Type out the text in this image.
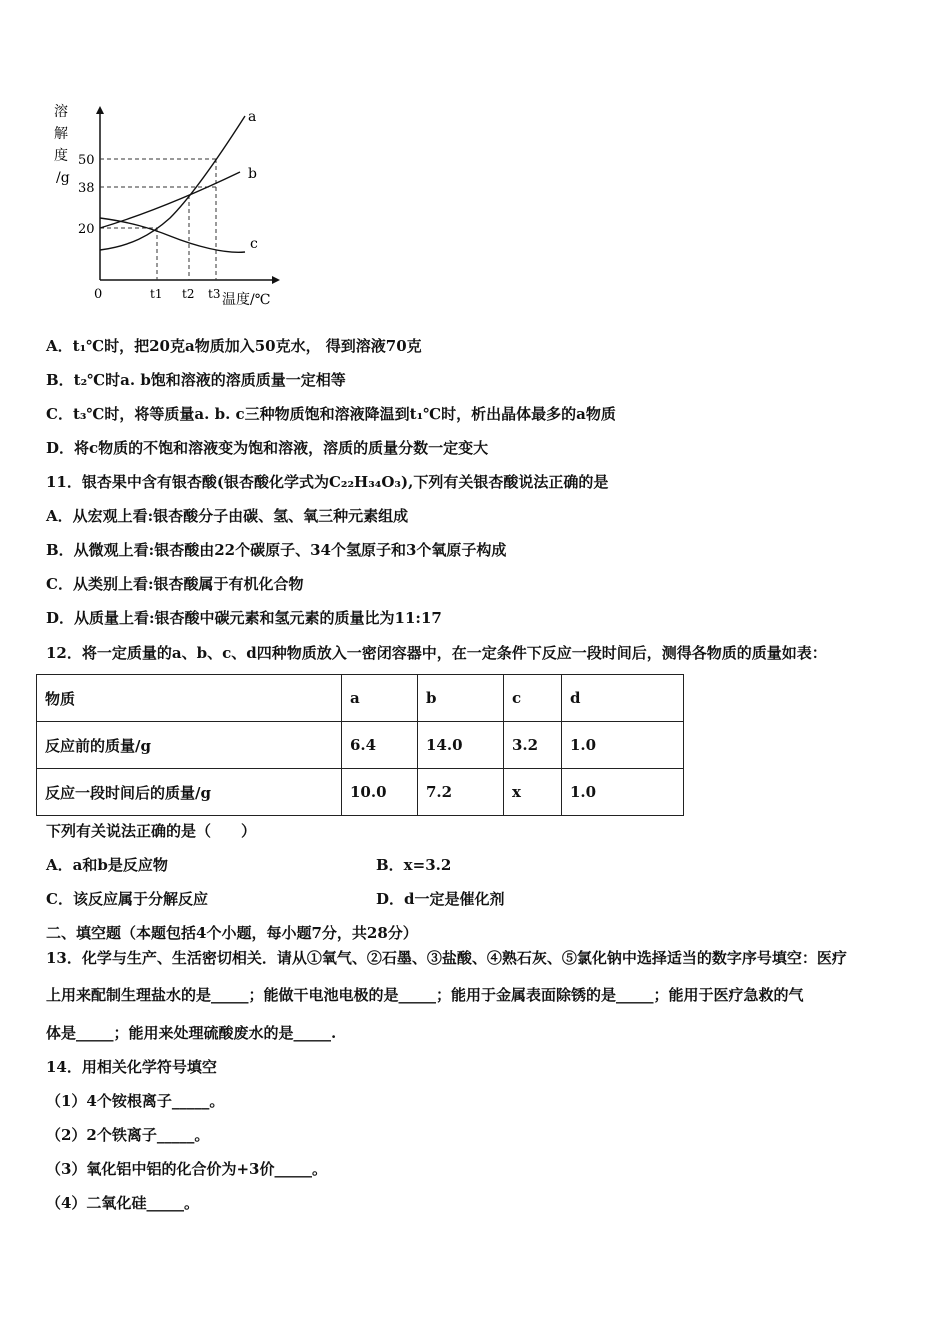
溶
解
度
/g
50
38
20
0	t1 t2 t3 温度/℃
a
b
c
A．t₁℃时，把20克a物质加入50克水， 得到溶液70克
B．t₂℃时a. b饱和溶液的溶质质量一定相等
C．t₃℃时，将等质量a. b. c三种物质饱和溶液降温到t₁℃时，析出晶体最多的a物质
D．将c物质的不饱和溶液变为饱和溶液，溶质的质量分数一定变大
11．银杏果中含有银杏酸(银杏酸化学式为C₂₂H₃₄O₃),下列有关银杏酸说法正确的是
A．从宏观上看:银杏酸分子由碳、氢、氧三种元素组成
B．从微观上看:银杏酸由22个碳原子、34个氢原子和3个氧原子构成
C．从类别上看:银杏酸属于有机化合物
D．从质量上看:银杏酸中碳元素和氢元素的质量比为11:17
12．将一定质量的a、b、c、d四种物质放入一密闭容器中，在一定条件下反应一段时间后，测得各物质的质量如表：
物质	a	b	c	d
反应前的质量/g	6.4	14.0	3.2	1.0
反应一段时间后的质量/g	10.0	7.2	x	1.0
下列有关说法正确的是（　　）
A．a和b是反应物	B．x=3.2
C．该反应属于分解反应	D．d一定是催化剂
二、填空题（本题包括4个小题，每小题7分，共28分）
13．化学与生产、生活密切相关．请从①氧气、②石墨、③盐酸、④熟石灰、⑤氯化钠中选择适当的数字序号填空：医疗
上用来配制生理盐水的是_____；能做干电池电极的是_____；能用于金属表面除锈的是_____；能用于医疗急救的气
体是_____；能用来处理硫酸废水的是_____.
14．用相关化学符号填空
（1）4个铵根离子_____。
（2）2个铁离子_____。
（3）氧化铝中铝的化合价为+3价_____。
（4）二氧化硅_____。
